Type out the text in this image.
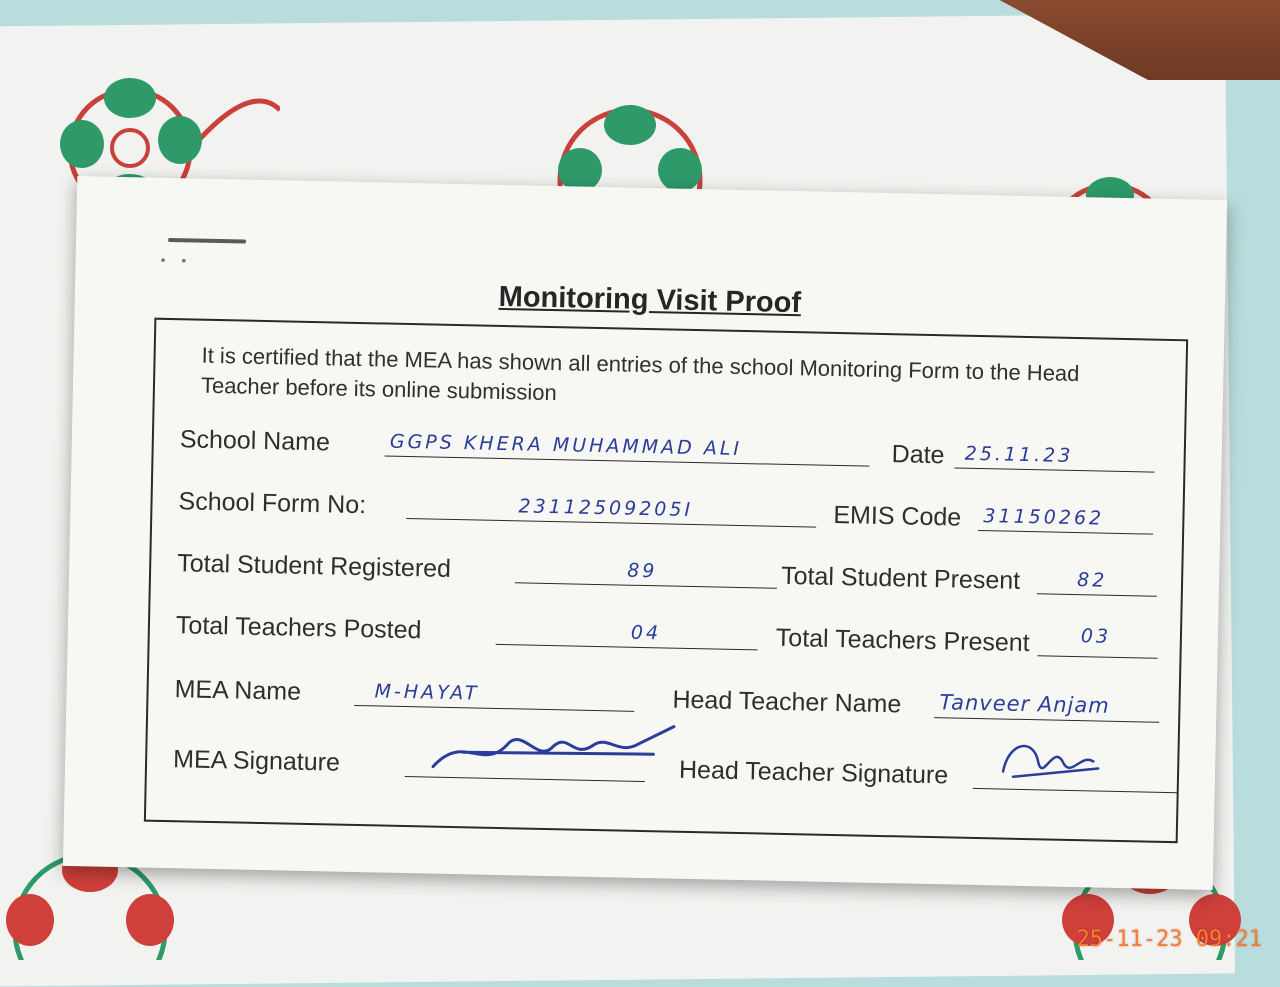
• •
Monitoring Visit Proof
It is certified that the MEA has shown all entries of the school Monitoring Form to the Head Teacher before its online submission
School Name	GGPS KHERA MUHAMMAD ALI	Date 25.11.23
School Form No:	23112509205I	EMIS Code 31150262
Total Student Registered	89	Total Student Present	82
Total Teachers Posted	04	Total Teachers Present	03
MEA Name	M-HAYAT	Head Teacher Name Tanveer Anjam
MEA Signature	Head Teacher Signature
25-11-23 09:21
